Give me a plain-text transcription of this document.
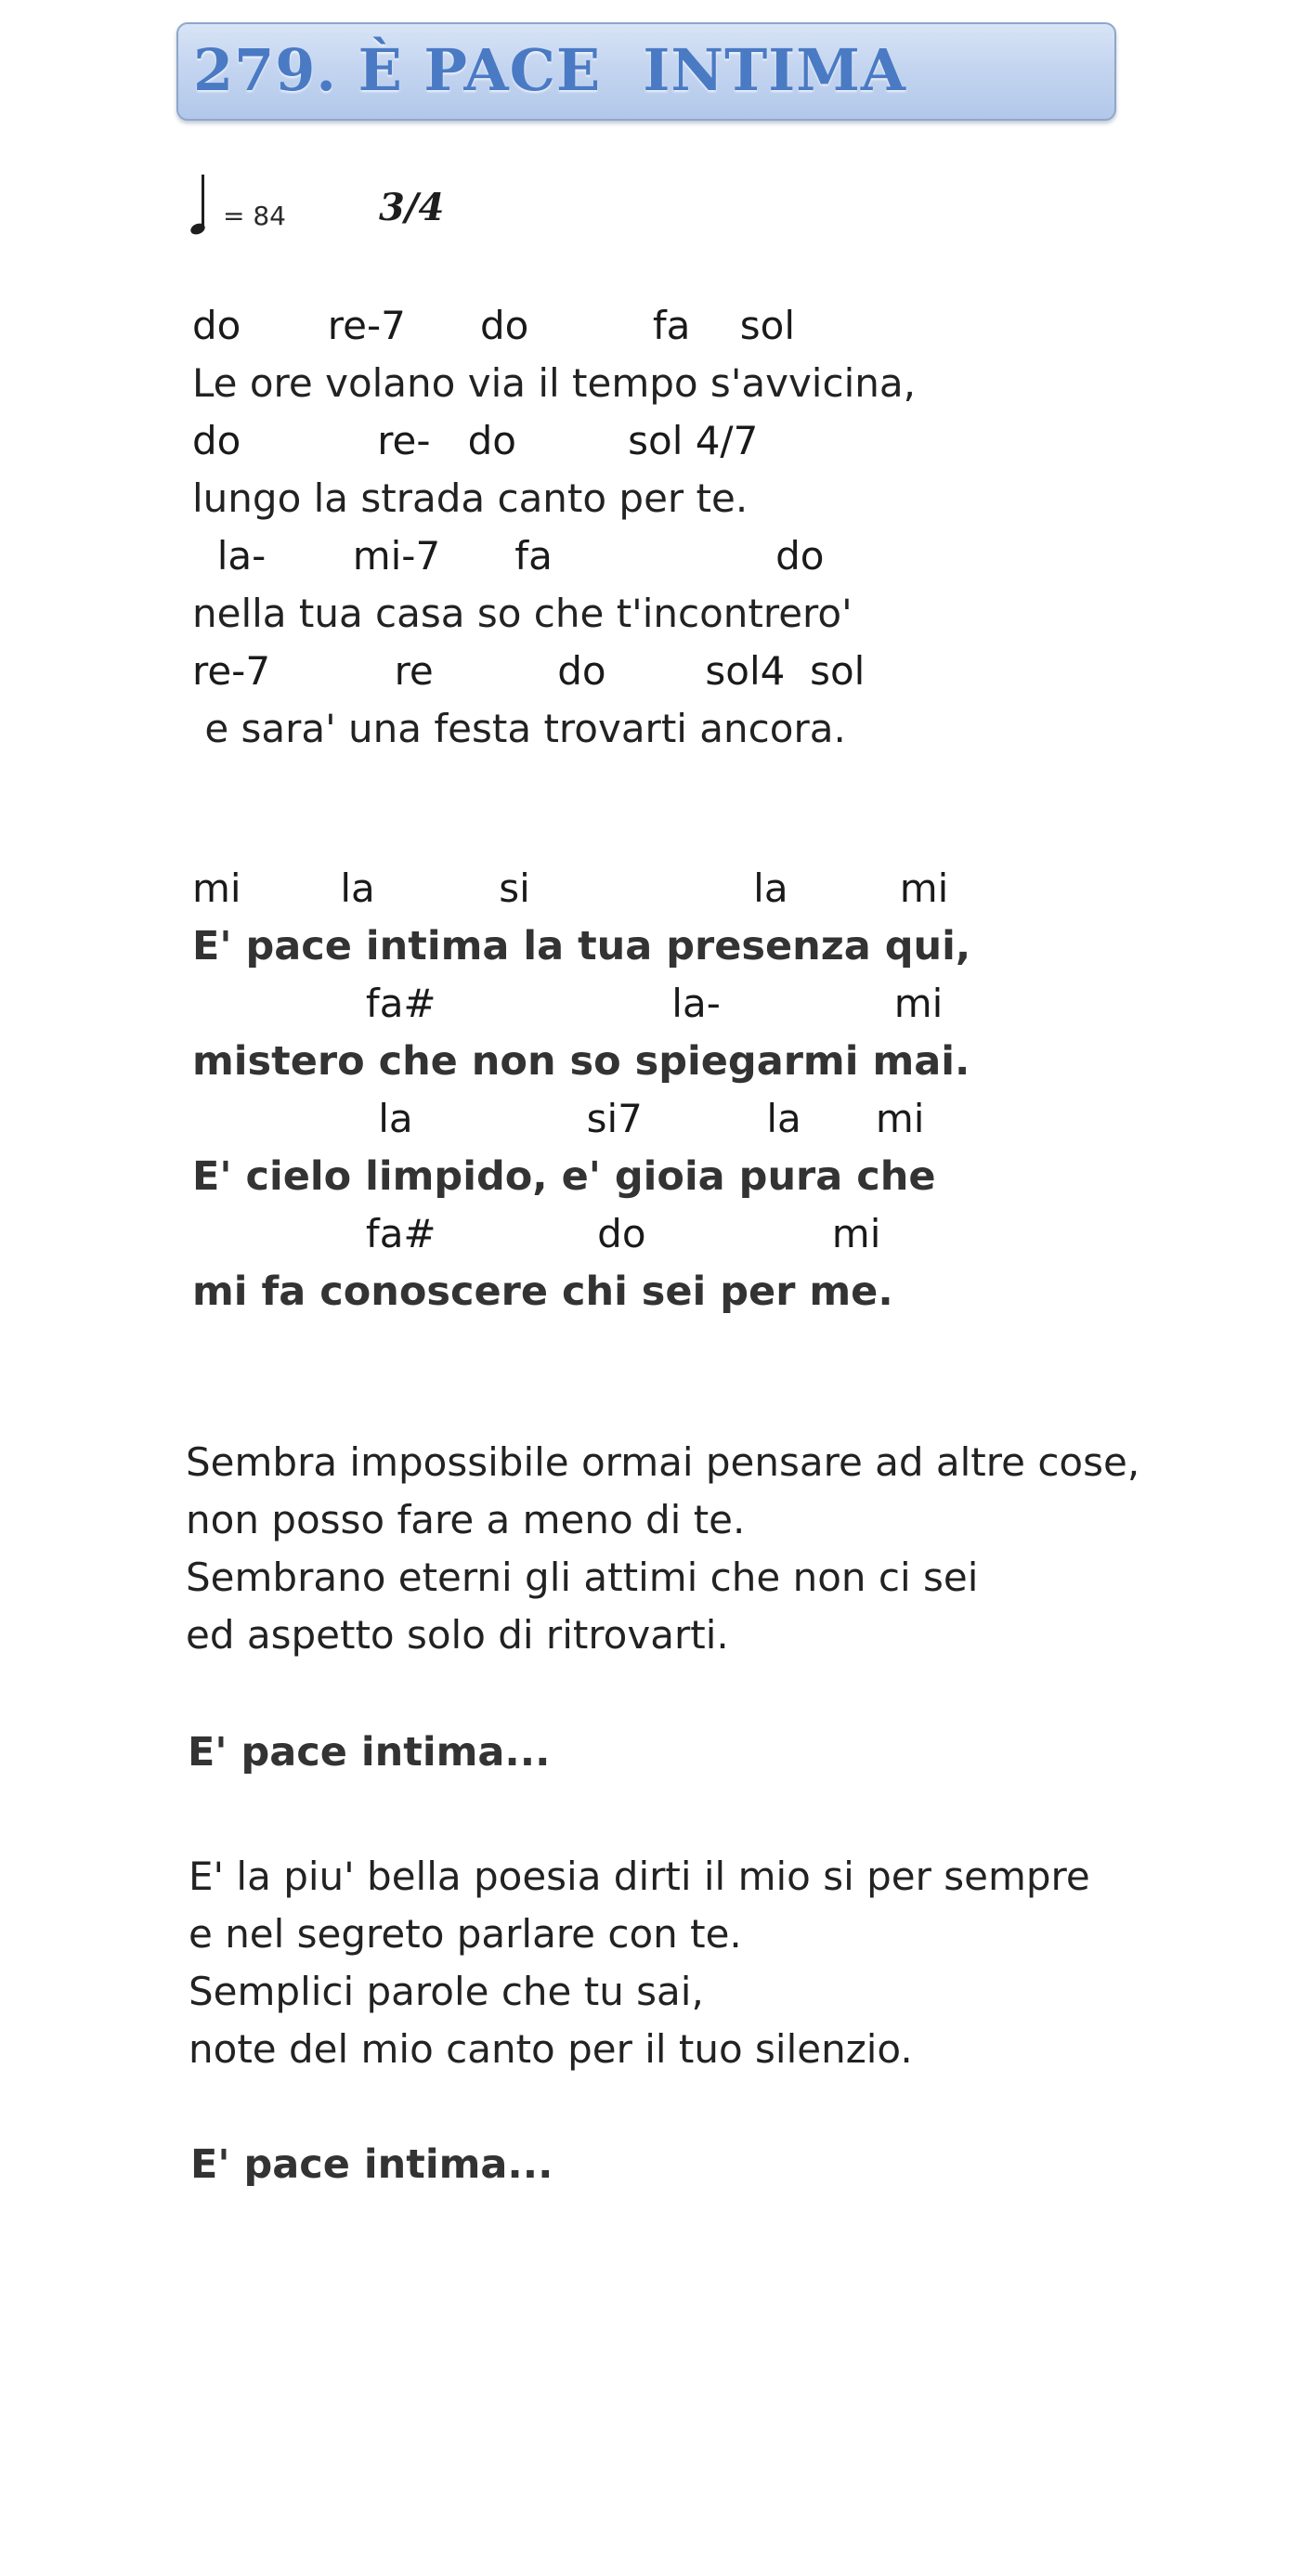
279. È PACE  INTIMA
= 84	3/4
do       re-7      do          fa    sol
Le ore volano via il tempo s'avvicina,
do           re-   do         sol 4/7
lungo la strada canto per te.
la-       mi-7      fa                  do
nella tua casa so che t'incontrero'
re-7          re          do        sol4  sol
e sara' una festa trovarti ancora.
mi        la          si                  la         mi
E' pace intima la tua presenza qui,
fa#                   la-              mi
mistero che non so spiegarmi mai.
la              si7          la      mi
E' cielo limpido, e' gioia pura che
fa#             do               mi
mi fa conoscere chi sei per me.
Sembra impossibile ormai pensare ad altre cose,
non posso fare a meno di te.
Sembrano eterni gli attimi che non ci sei
ed aspetto solo di ritrovarti.
E' pace intima...
E' la piu' bella poesia dirti il mio si per sempre
e nel segreto parlare con te.
Semplici parole che tu sai,
note del mio canto per il tuo silenzio.
E' pace intima...
